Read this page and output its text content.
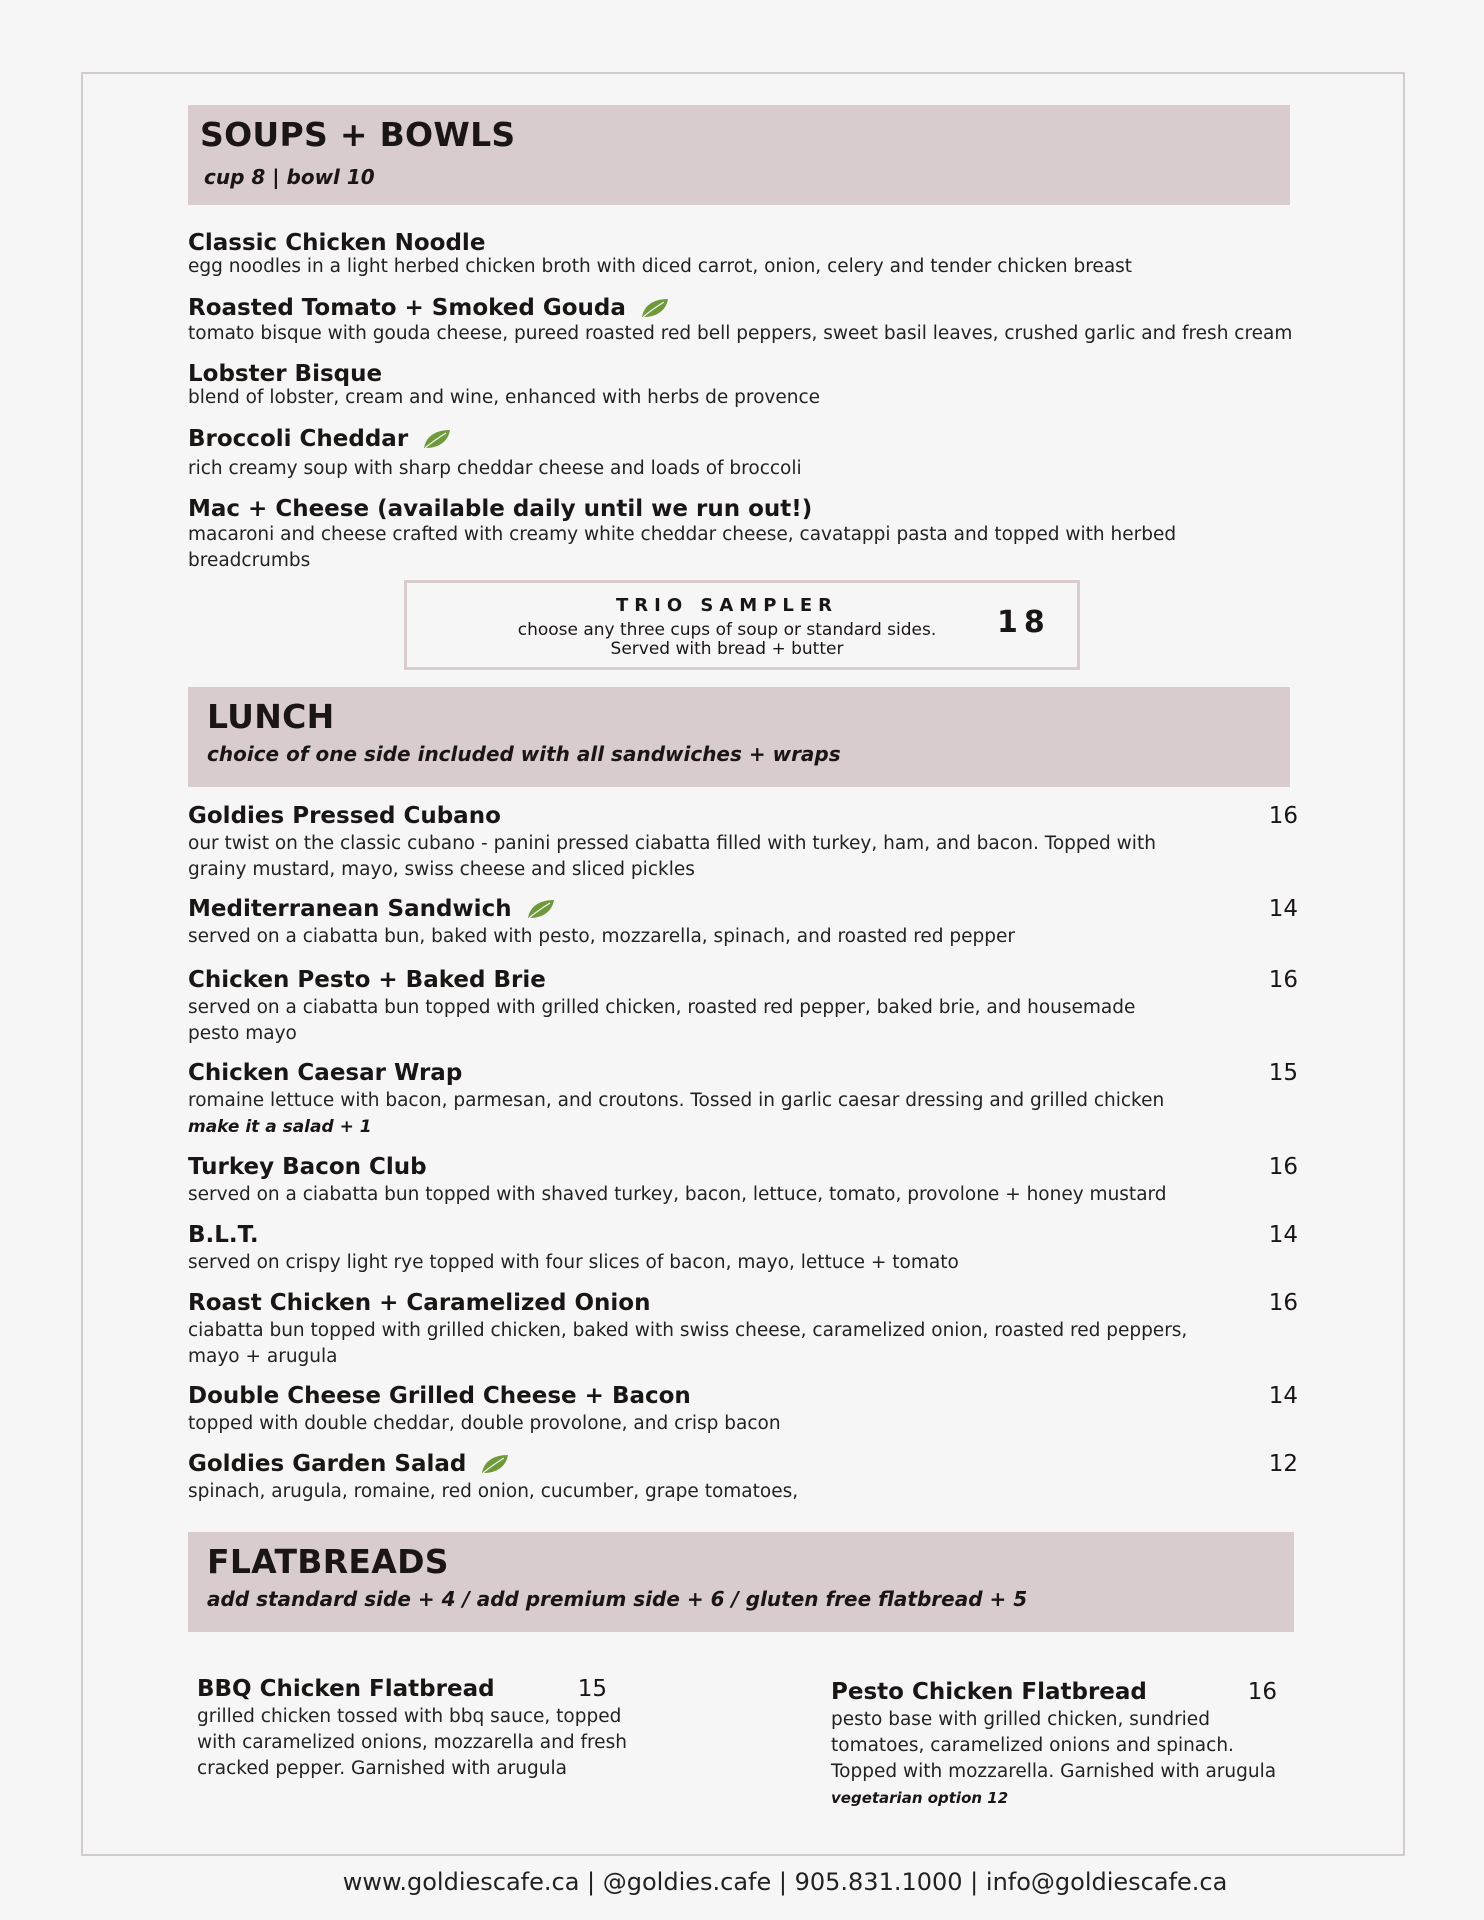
SOUPS + BOWLS
cup 8 | bowl 10
Classic Chicken Noodle
egg noodles in a light herbed chicken broth with diced carrot, onion, celery and tender chicken breast
Roasted Tomato + Smoked Gouda
tomato bisque with gouda cheese, pureed roasted red bell peppers, sweet basil leaves, crushed garlic and fresh cream
Lobster Bisque
blend of lobster, cream and wine, enhanced with herbs de provence
Broccoli Cheddar
rich creamy soup with sharp cheddar cheese and loads of broccoli
Mac + Cheese (available daily until we run out!)
macaroni and cheese crafted with creamy white cheddar cheese, cavatappi pasta and topped with herbed breadcrumbs
TRIO SAMPLER
choose any three cups of soup or standard sides.
Served with bread + butter
18
LUNCH
choice of one side included with all sandwiches + wraps
Goldies Pressed Cubano	16
our twist on the classic cubano - panini pressed ciabatta filled with turkey, ham, and bacon. Topped with grainy mustard, mayo, swiss cheese and sliced pickles
Mediterranean Sandwich	14
served on a ciabatta bun, baked with pesto, mozzarella, spinach, and roasted red pepper
Chicken Pesto + Baked Brie	16
served on a ciabatta bun topped with grilled chicken, roasted red pepper, baked brie, and housemade pesto mayo
Chicken Caesar Wrap	15
romaine lettuce with bacon, parmesan, and croutons. Tossed in garlic caesar dressing and grilled chicken
make it a salad + 1
Turkey Bacon Club	16
served on a ciabatta bun topped with shaved turkey, bacon, lettuce, tomato, provolone + honey mustard
B.L.T.	14
served on crispy light rye topped with four slices of bacon, mayo, lettuce + tomato
Roast Chicken + Caramelized Onion	16
ciabatta bun topped with grilled chicken, baked with swiss cheese, caramelized onion, roasted red peppers, mayo + arugula
Double Cheese Grilled Cheese + Bacon	14
topped with double cheddar, double provolone, and crisp bacon
Goldies Garden Salad	12
spinach, arugula, romaine, red onion, cucumber, grape tomatoes,
FLATBREADS
add standard side + 4 / add premium side + 6 / gluten free flatbread + 5
BBQ Chicken Flatbread	15
grilled chicken tossed with bbq sauce, topped with caramelized onions, mozzarella and fresh cracked pepper. Garnished with arugula
Pesto Chicken Flatbread	16
pesto base with grilled chicken, sundried tomatoes, caramelized onions and spinach. Topped with mozzarella. Garnished with arugula
vegetarian option 12
www.goldiescafe.ca | @goldies.cafe | 905.831.1000 | info@goldiescafe.ca
